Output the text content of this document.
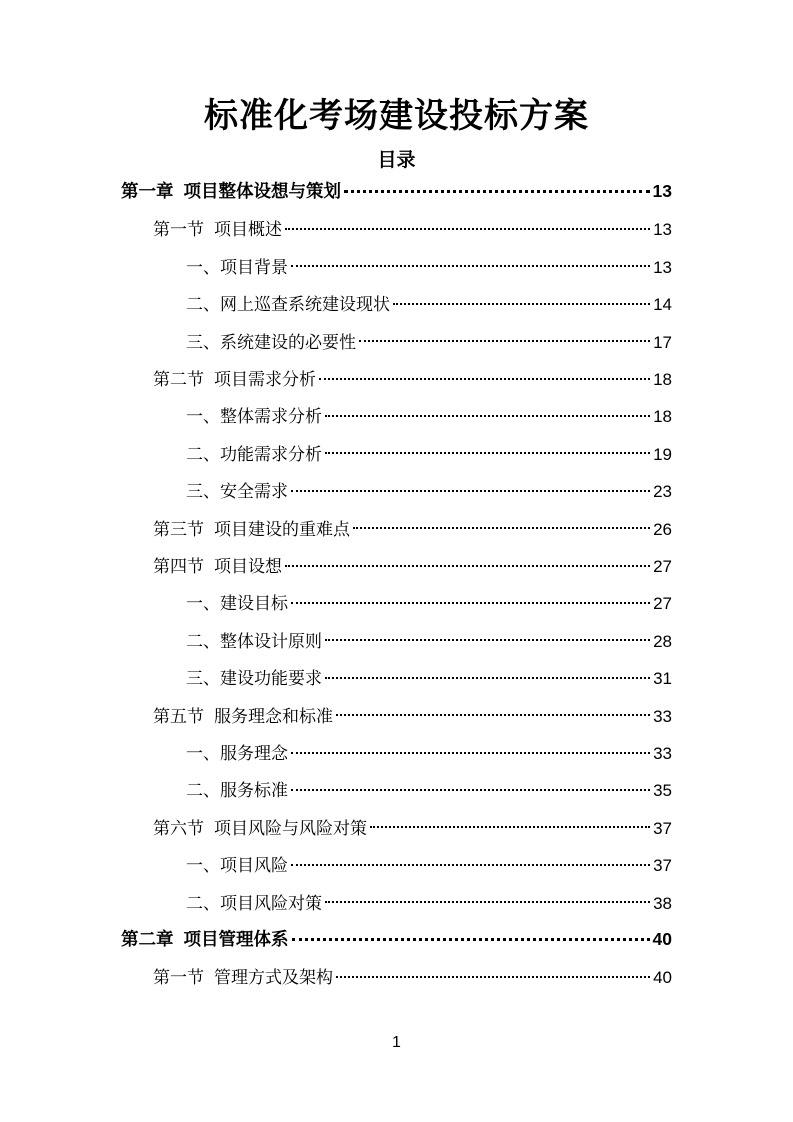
标准化考场建设投标方案
目录
第一章 项目整体设想与策划	13
第一节 项目概述	13
一、项目背景	13
二、网上巡查系统建设现状	14
三、系统建设的必要性	17
第二节 项目需求分析	18
一、整体需求分析	18
二、功能需求分析	19
三、安全需求	23
第三节 项目建设的重难点	26
第四节 项目设想	27
一、建设目标	27
二、整体设计原则	28
三、建设功能要求	31
第五节 服务理念和标准	33
一、服务理念	33
二、服务标准	35
第六节 项目风险与风险对策	37
一、项目风险	37
二、项目风险对策	38
第二章 项目管理体系	40
第一节 管理方式及架构	40
1
